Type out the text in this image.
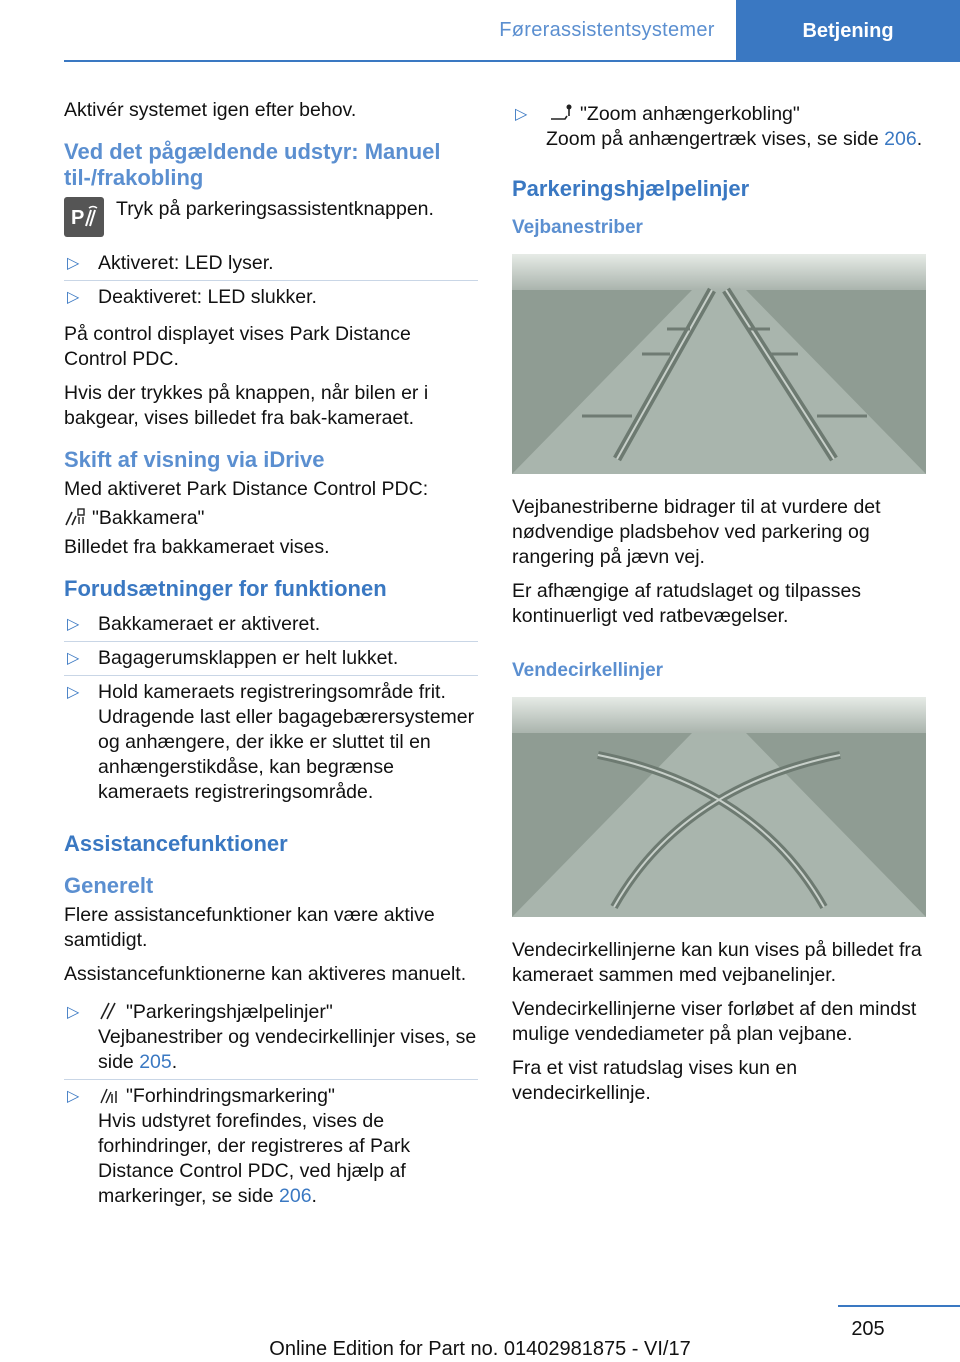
Førerassistentsystemer	Betjening

Aktivér systemet igen efter behov.

Ved det pågældende udstyr: Manuel til-/frakobling
P Tryk på parkeringsassistentknappen.
▷ Aktiveret: LED lyser.
▷ Deaktiveret: LED slukker.

På control displayet vises Park Distance Control PDC.

Hvis der trykkes på knappen, når bilen er i bakgear, vises billedet fra bak-kameraet.

Skift af visning via iDrive

Med aktiveret Park Distance Control PDC:

"Bakkamera"

Billedet fra bakkameraet vises.

Forudsætninger for funktionen
▷ Bakkameraet er aktiveret.
▷ Bagagerumsklappen er helt lukket.
▷ Hold kameraets registreringsområde frit. Udragende last eller bagagebærersystemer og anhængere, der ikke er sluttet til en anhængerstikdåse, kan begrænse kameraets registreringsområde.
Assistancefunktioner
Generelt

Flere assistancefunktioner kan være aktive samtidigt.

Assistancefunktionerne kan aktiveres manuelt.

▷ "Parkeringshjælpelinjer"
Vejbanestriber og vendecirkellinjer vises, se side 205.
▷ "Forhindringsmarkering"
Hvis udstyret forefindes, vises de forhindringer, der registreres af Park Distance Control PDC, ved hjælp af markeringer, se side 206.
▷	"Zoom anhængerkobling"
Zoom på anhængertræk vises, se side 206.
Parkeringshjælpelinjer
Vejbanestriber

Vejbanestriberne bidrager til at vurdere det nødvendige pladsbehov ved parkering og rangering på jævn vej.

Er afhængige af ratudslaget og tilpasses kontinuerligt ved ratbevægelser.

Vendecirkellinjer

Vendecirkellinjerne kan kun vises på billedet fra kameraet sammen med vejbanelinjer.

Vendecirkellinjerne viser forløbet af den mindst mulige vendediameter på plan vejbane.

Fra et vist ratudslag vises kun en vendecirkellinje.

205
Online Edition for Part no. 01402981875 - VI/17
